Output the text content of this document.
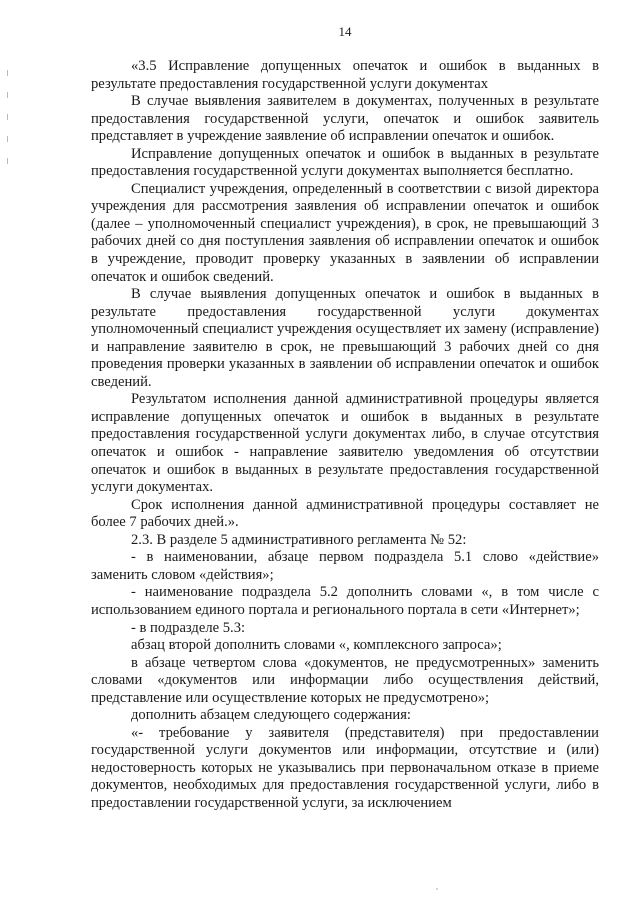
14

«3.5 Исправление допущенных опечаток и ошибок в выданных в результате предоставления государственной услуги документах

В случае выявления заявителем в документах, полученных в результате предоставления государственной услуги, опечаток и ошибок заявитель представляет в учреждение заявление об исправлении опечаток и ошибок.

Исправление допущенных опечаток и ошибок в выданных в результате предоставления государственной услуги документах выполняется бесплатно.

Специалист учреждения, определенный в соответствии с визой директора учреждения для рассмотрения заявления об исправлении опечаток и ошибок (далее – уполномоченный специалист учреждения), в срок, не превышающий 3 рабочих дней со дня поступления заявления об исправлении опечаток и ошибок в учреждение, проводит проверку указанных в заявлении об исправлении опечаток и ошибок сведений.

В случае выявления допущенных опечаток и ошибок в выданных в результате предоставления государственной услуги документах уполномоченный специалист учреждения осуществляет их замену (исправление) и направление заявителю в срок, не превышающий 3 рабочих дней со дня проведения проверки указанных в заявлении об исправлении опечаток и ошибок сведений.

Результатом исполнения данной административной процедуры является исправление допущенных опечаток и ошибок в выданных в результате предоставления государственной услуги документах либо, в случае отсутствия опечаток и ошибок - направление заявителю уведомления об отсутствии опечаток и ошибок в выданных в результате предоставления государственной услуги документах.

Срок исполнения данной административной процедуры составляет не более 7 рабочих дней.».

2.3. В разделе 5 административного регламента № 52:

- в наименовании, абзаце первом подраздела 5.1 слово «действие» заменить словом «действия»;

- наименование подраздела 5.2 дополнить словами «, в том числе с использованием единого портала и регионального портала в сети «Интернет»;

- в подразделе 5.3:

абзац второй дополнить словами «, комплексного запроса»;

в абзаце четвертом слова «документов, не предусмотренных» заменить словами «документов или информации либо осуществления действий, представление или осуществление которых не предусмотрено»;

дополнить абзацем следующего содержания:

«- требование у заявителя (представителя) при предоставлении государственной услуги документов или информации, отсутствие и (или) недостоверность которых не указывались при первоначальном отказе в приеме документов, необходимых для предоставления государственной услуги, либо в предоставлении государственной услуги, за исключением
